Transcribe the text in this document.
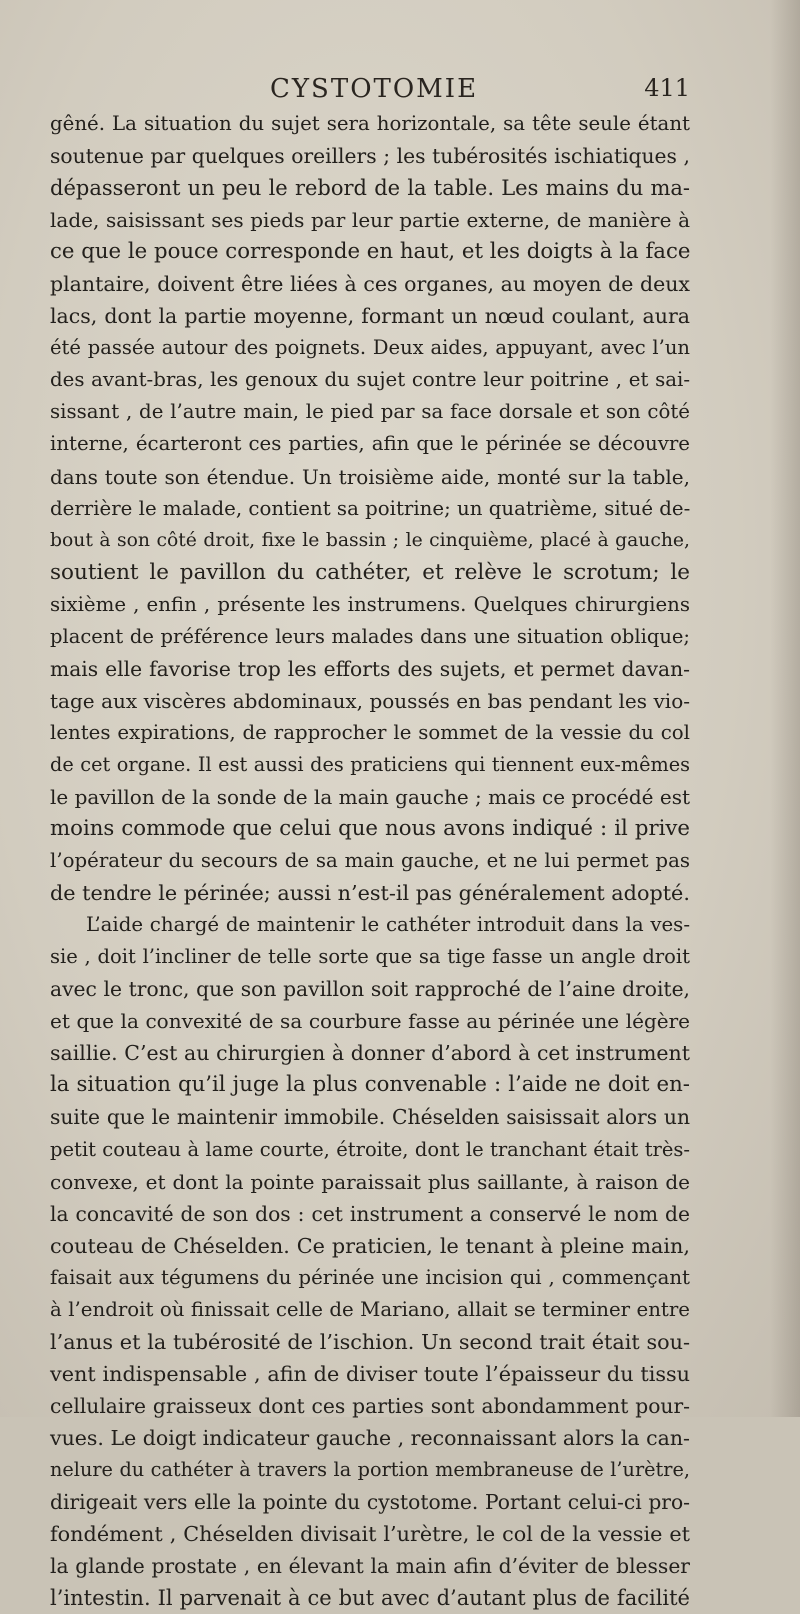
CYSTOTOMIE	411
gêné. La situation du sujet sera horizontale, sa tête seule étant
soutenue par quelques oreillers ; les tubérosités ischiatiques ,
dépasseront un peu le rebord de la table. Les mains du ma-
lade, saisissant ses pieds par leur partie externe, de manière à
ce que le pouce corresponde en haut, et les doigts à la face
plantaire, doivent être liées à ces organes, au moyen de deux
lacs, dont la partie moyenne, formant un nœud coulant, aura
été passée autour des poignets. Deux aides, appuyant, avec l’un
des avant-bras, les genoux du sujet contre leur poitrine , et sai-
sissant , de l’autre main, le pied par sa face dorsale et son côté
interne, écarteront ces parties, afin que le périnée se découvre
dans toute son étendue. Un troisième aide, monté sur la table,
derrière le malade, contient sa poitrine; un quatrième, situé de-
bout à son côté droit, fixe le bassin ; le cinquième, placé à gauche,
soutient le pavillon du cathéter, et relève le scrotum; le
sixième , enfin , présente les instrumens. Quelques chirurgiens
placent de préférence leurs malades dans une situation oblique;
mais elle favorise trop les efforts des sujets, et permet davan-
tage aux viscères abdominaux, poussés en bas pendant les vio-
lentes expirations, de rapprocher le sommet de la vessie du col
de cet organe. Il est aussi des praticiens qui tiennent eux-mêmes
le pavillon de la sonde de la main gauche ; mais ce procédé est
moins commode que celui que nous avons indiqué : il prive
l’opérateur du secours de sa main gauche, et ne lui permet pas
de tendre le périnée; aussi n’est-il pas généralement adopté.
L’aide chargé de maintenir le cathéter introduit dans la ves-
sie , doit l’incliner de telle sorte que sa tige fasse un angle droit
avec le tronc, que son pavillon soit rapproché de l’aine droite,
et que la convexité de sa courbure fasse au périnée une légère
saillie. C’est au chirurgien à donner d’abord à cet instrument
la situation qu’il juge la plus convenable : l’aide ne doit en-
suite que le maintenir immobile. Chéselden saisissait alors un
petit couteau à lame courte, étroite, dont le tranchant était très-
convexe, et dont la pointe paraissait plus saillante, à raison de
la concavité de son dos : cet instrument a conservé le nom de
couteau de Chéselden. Ce praticien, le tenant à pleine main,
faisait aux tégumens du périnée une incision qui , commençant
à l’endroit où finissait celle de Mariano, allait se terminer entre
l’anus et la tubérosité de l’ischion. Un second trait était sou-
vent indispensable , afin de diviser toute l’épaisseur du tissu
cellulaire graisseux dont ces parties sont abondamment pour-
vues. Le doigt indicateur gauche , reconnaissant alors la can-
nelure du cathéter à travers la portion membraneuse de l’urètre,
dirigeait vers elle la pointe du cystotome. Portant celui-ci pro-
fondément , Chéselden divisait l’urètre, le col de la vessie et
la glande prostate , en élevant la main afin d’éviter de blesser
l’intestin. Il parvenait à ce but avec d’autant plus de facilité
